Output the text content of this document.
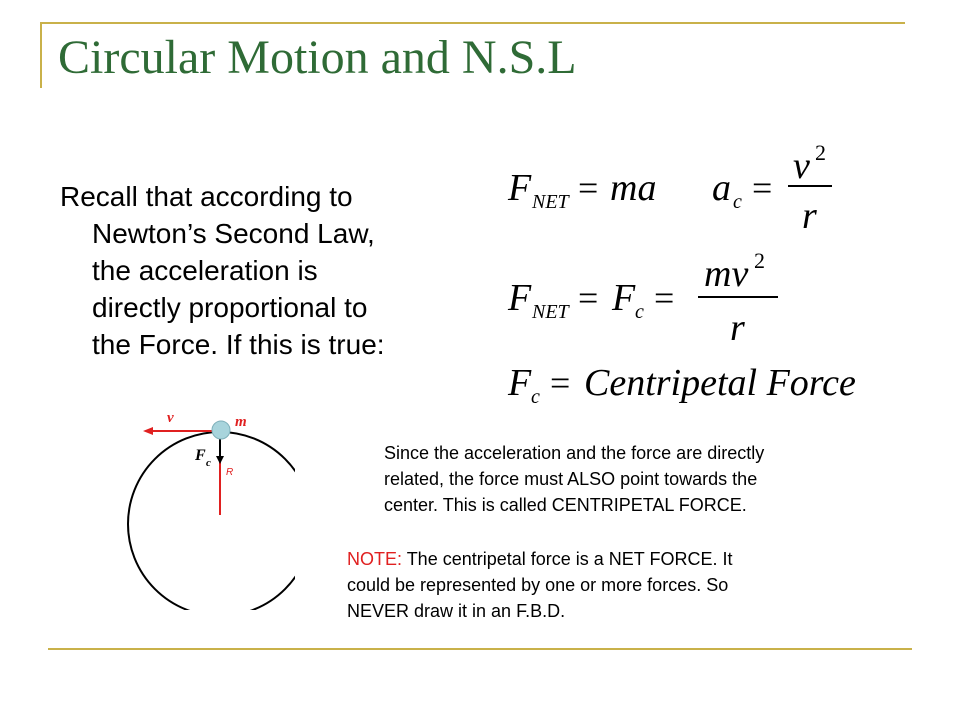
Circular Motion and N.S.L
Recall that according to
Newton’s Second Law,
the acceleration is
directly proportional to
the Force. If this is true:
F NET = ma a c =
v 2
r
F NET = F c =
mv 2
r
F c = Centripetal Force
v	m
F c
R
Since the acceleration and the force are directly
related, the force must ALSO point towards the
center. This is called CENTRIPETAL FORCE.
NOTE: The centripetal force is a NET FORCE. It
could be represented by one or more forces. So
NEVER draw it in an F.B.D.
